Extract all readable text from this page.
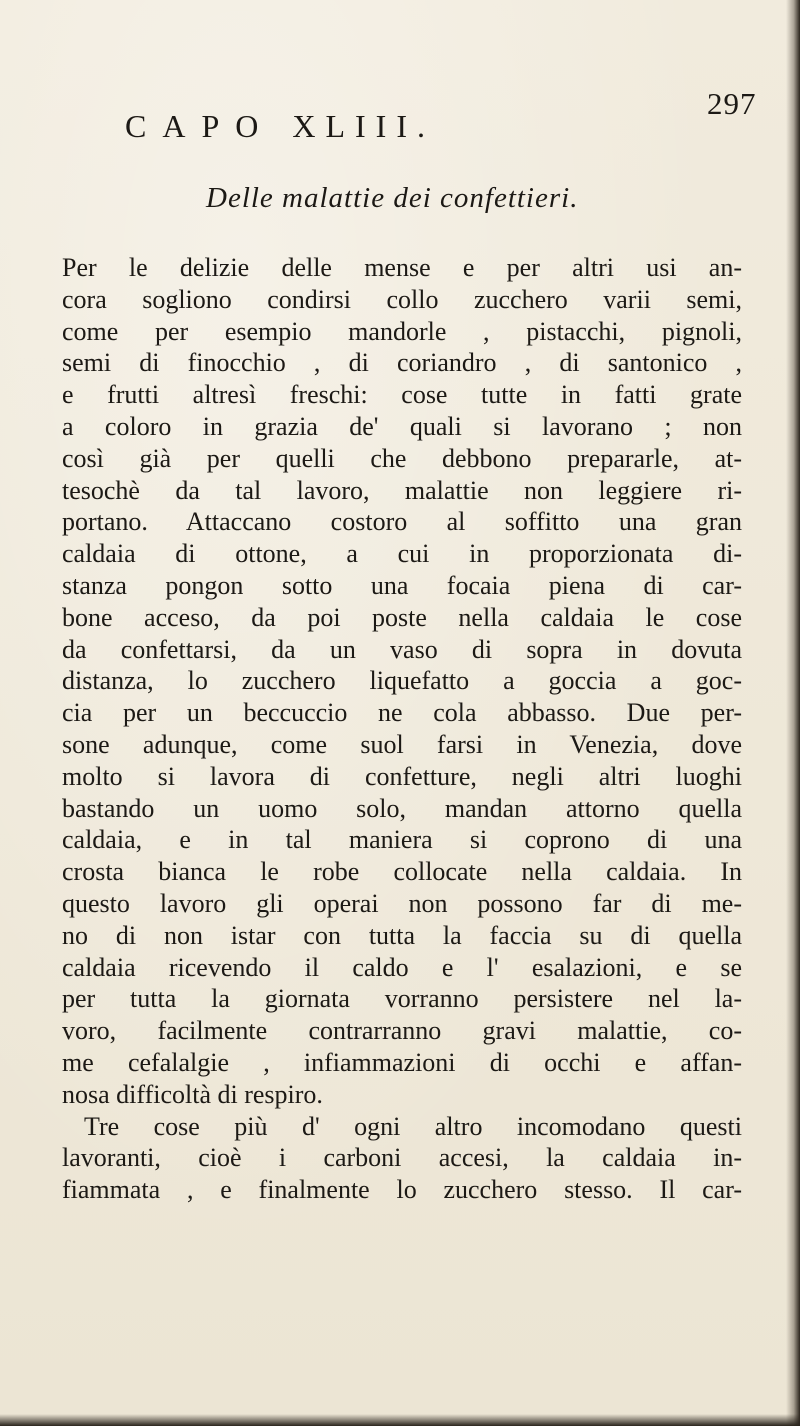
297
CAPO XLIII.
Delle malattie dei confettieri.
Per le delizie delle mense e per altri usi an-
cora sogliono condirsi collo zucchero varii semi,
come per esempio mandorle , pistacchi, pignoli,
semi di finocchio , di coriandro , di santonico ,
e frutti altresì freschi: cose tutte in fatti grate
a coloro in grazia de' quali si lavorano ; non
così già per quelli che debbono prepararle, at-
tesochè da tal lavoro, malattie non leggiere ri-
portano. Attaccano costoro al soffitto una gran
caldaia di ottone, a cui in proporzionata di-
stanza pongon sotto una focaia piena di car-
bone acceso, da poi poste nella caldaia le cose
da confettarsi, da un vaso di sopra in dovuta
distanza, lo zucchero liquefatto a goccia a goc-
cia per un beccuccio ne cola abbasso. Due per-
sone adunque, come suol farsi in Venezia, dove
molto si lavora di confetture, negli altri luoghi
bastando un uomo solo, mandan attorno quella
caldaia, e in tal maniera si coprono di una
crosta bianca le robe collocate nella caldaia. In
questo lavoro gli operai non possono far di me-
no di non istar con tutta la faccia su di quella
caldaia ricevendo il caldo e l' esalazioni, e se
per tutta la giornata vorranno persistere nel la-
voro, facilmente contrarranno gravi malattie, co-
me cefalalgie , infiammazioni di occhi e affan-
nosa difficoltà di respiro.
Tre cose più d' ogni altro incomodano questi
lavoranti, cioè i carboni accesi, la caldaia in-
fiammata , e finalmente lo zucchero stesso. Il car-
